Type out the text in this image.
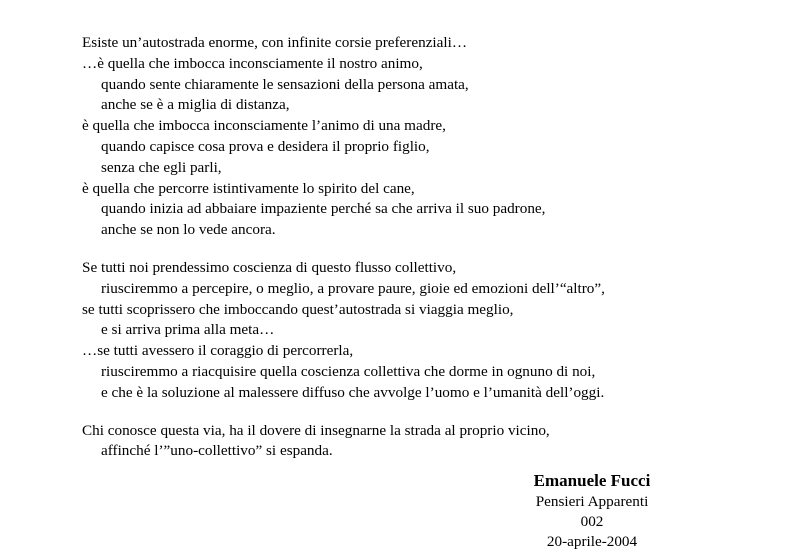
Esiste un’autostrada enorme, con infinite corsie preferenziali…
…è quella che imbocca inconsciamente il nostro animo,
quando sente chiaramente le sensazioni della persona amata,
anche se è a miglia di distanza,
è quella che imbocca inconsciamente l’animo di una madre,
quando capisce cosa prova e desidera il proprio figlio,
senza che egli parli,
è quella che percorre istintivamente lo spirito del cane,
quando inizia ad abbaiare impaziente perché sa che arriva il suo padrone,
anche se non lo vede ancora.
Se tutti noi prendessimo coscienza di questo flusso collettivo,
riusciremmo a percepire, o meglio, a provare paure, gioie ed emozioni dell’“altro”,
se tutti scoprissero che imboccando quest’autostrada si viaggia meglio,
e si arriva prima alla meta…
…se tutti avessero il coraggio di percorrerla,
riusciremmo a riacquisire quella coscienza collettiva che dorme in ognuno di noi,
e che è la soluzione al malessere diffuso che avvolge l’uomo e l’umanità dell’oggi.
Chi conosce questa via, ha il dovere di insegnarne la strada al proprio vicino,
affinché l’”uno-collettivo” si espanda.
Emanuele Fucci
Pensieri Apparenti
002
20-aprile-2004
